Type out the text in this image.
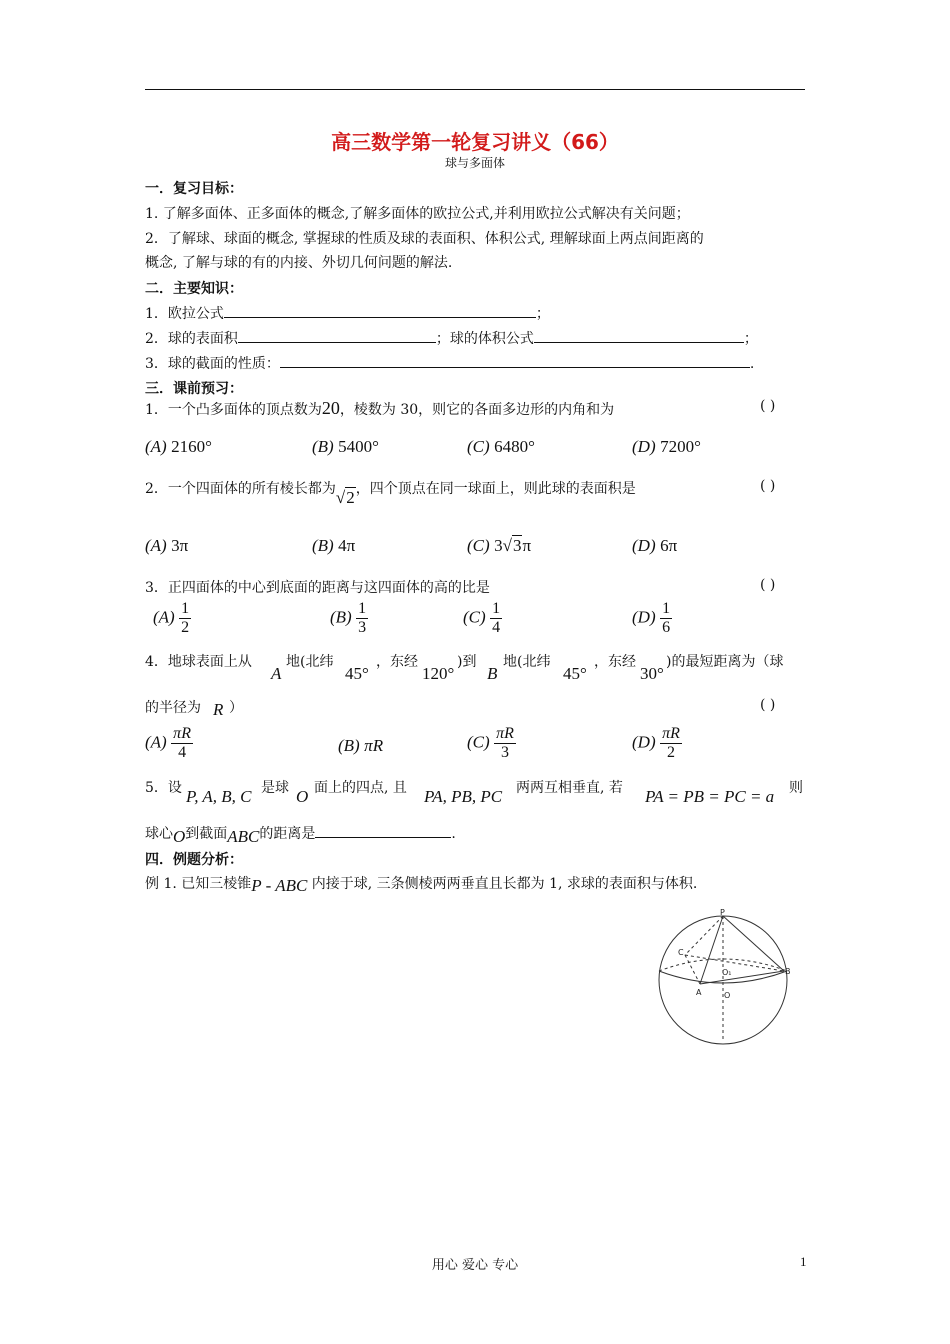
高三数学第一轮复习讲义（66）
球与多面体
一．复习目标：
1. 了解多面体、正多面体的概念,了解多面体的欧拉公式,并利用欧拉公式解决有关问题；
2．了解球、球面的概念, 掌握球的性质及球的表面积、体积公式, 理解球面上两点间距离的
概念, 了解与球的有的内接、外切几何问题的解法.
二．主要知识：
1．欧拉公式	；
2．球的表面积	；球的体积公式	；
3．球的截面的性质：	.
三．课前预习：
1．一个凸多面体的顶点数为20，棱数为 30，则它的各面多边形的内角和为	( )
(A) 2160°	(B) 5400°	(C) 6480°	(D) 7200°
2．一个四面体的所有棱长都为√2，四个顶点在同一球面上，则此球的表面积是	( )
(A) 3π	(B) 4π	(C) 3√3π	(D) 6π
3．正四面体的中心到底面的距离与这四面体的高的比是	( )
$(A) \frac{1}{2}$	$(B) \frac{1}{3}$	$(C) \frac{1}{4}$	$(D) \frac{1}{6}$
4．地球表面上从
A
地(北纬
45°
，东经
120°
)到
B
地(北纬
45°
，东经
30°
)的最短距离为（球
的半径为 R ）	( )
$(A) \frac{\pi R}{4}$	(B) πR	$(C) \frac{\pi R}{3}$	$(D) \frac{\pi R}{2}$
5．设 P, A, B, C 是球 O 面上的四点, 且 PA, PB, PC 两两互相垂直, 若 PA = PB = PC = a 则
球心O到截面ABC的距离是	.
四．例题分析：
例 1. 已知三棱锥P - ABC 内接于球, 三条侧棱两两垂直且长都为 1, 求球的表面积与体积.
P
C
O₁	B
A	O
用心 爱心 专心	1
